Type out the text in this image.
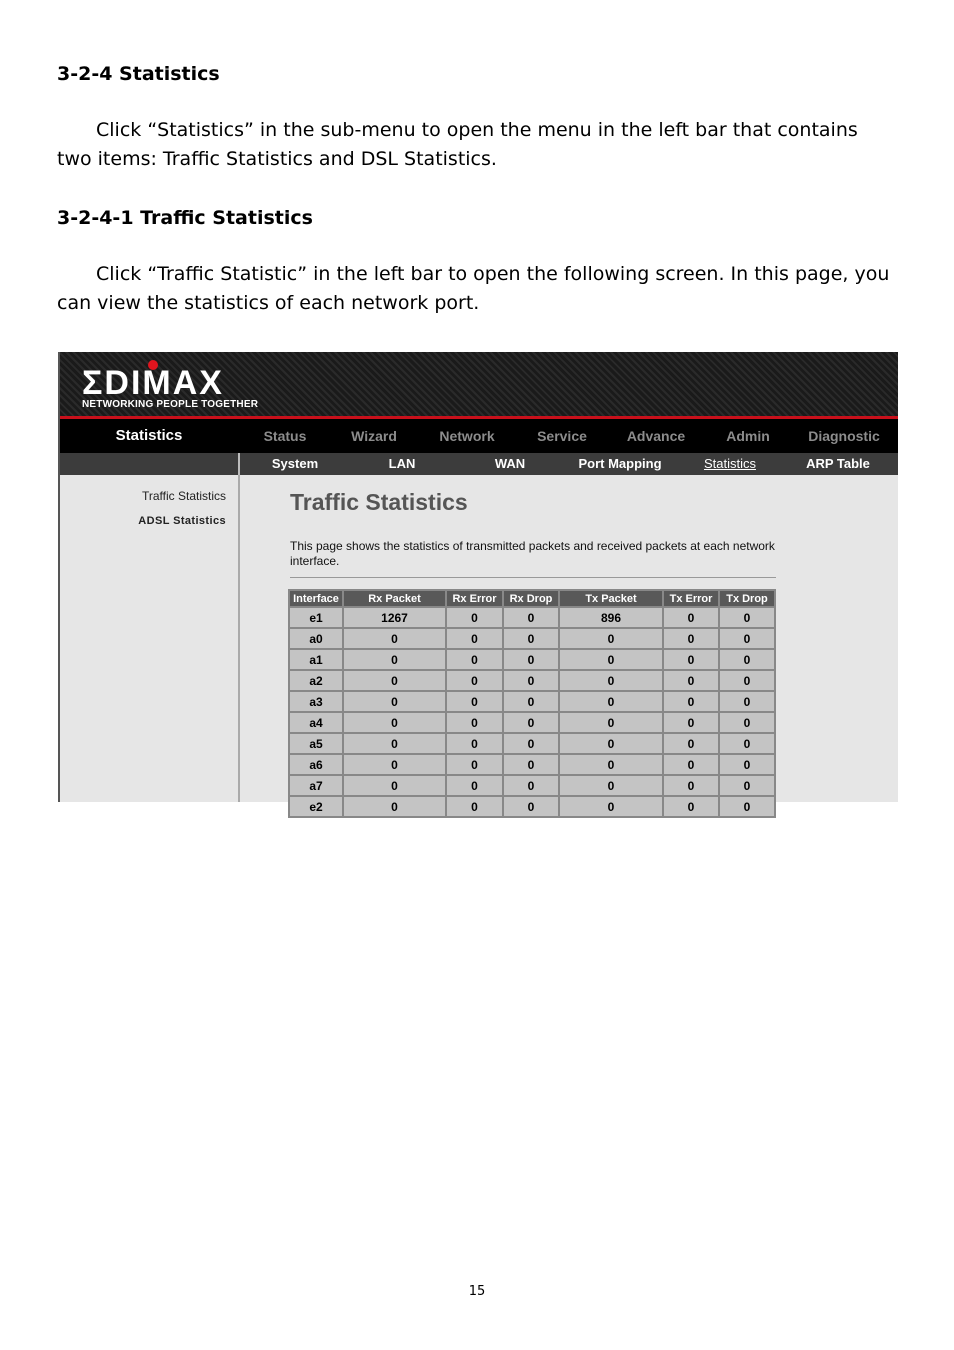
3-2-4 Statistics

Click “Statistics” in the sub-menu to open the menu in the left bar that contains two items: Traffic Statistics and DSL Statistics.

3-2-4-1 Traffic Statistics

Click “Traffic Statistic” in the left bar to open the following screen. In this page, you can view the statistics of each network port.

ΣDIMAX
NETWORKING PEOPLE TOGETHER
Statistics	Status	Wizard	Network	Service	Advance	Admin	Diagnostic
System	LAN	WAN	Port Mapping	Statistics	ARP Table
Traffic Statistics
ADSL Statistics
Traffic Statistics
This page shows the statistics of transmitted packets and received packets at each network interface.
Interface	Rx Packet	Rx Error	Rx Drop	Tx Packet	Tx Error	Tx Drop
e1	1267	0	0	896	0	0
a0	0	0	0	0	0	0
a1	0	0	0	0	0	0
a2	0	0	0	0	0	0
a3	0	0	0	0	0	0
a4	0	0	0	0	0	0
a5	0	0	0	0	0	0
a6	0	0	0	0	0	0
a7	0	0	0	0	0	0
e2	0	0	0	0	0	0
15
